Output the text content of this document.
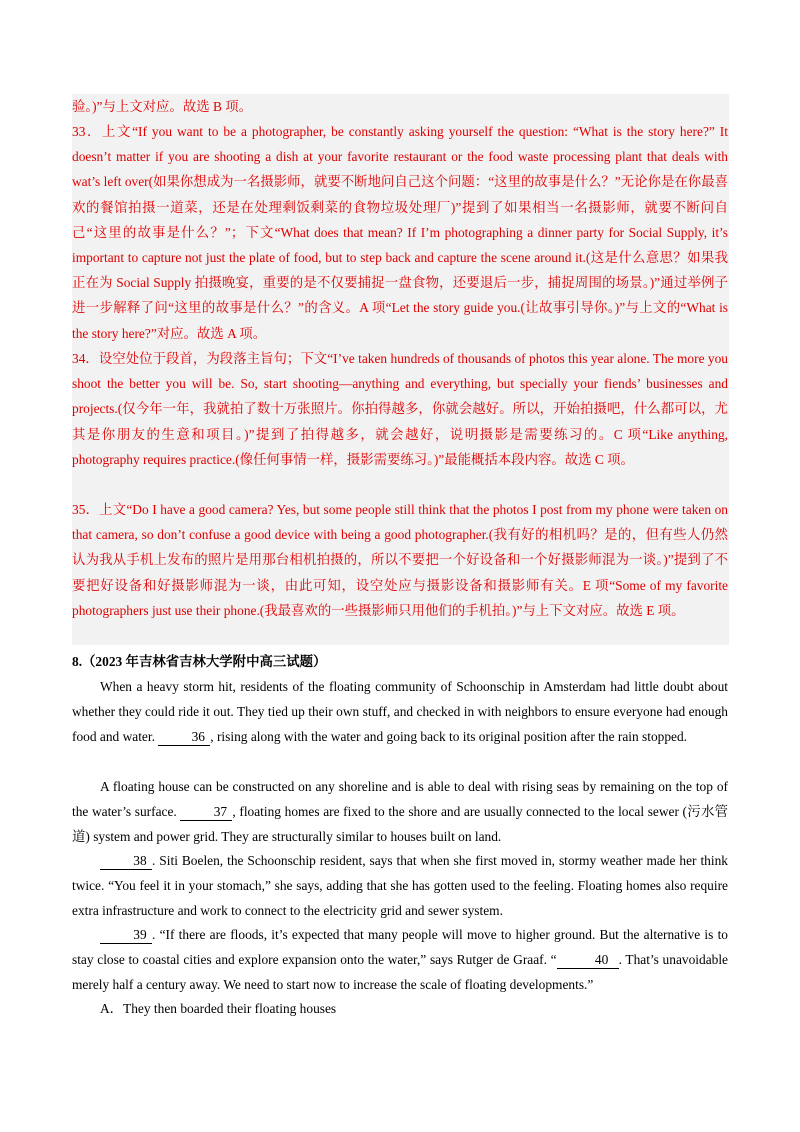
验。)”与上文对应。故选 B 项。
33．上文“If you want to be a photographer, be constantly asking yourself the question: “What is the story here?” It doesn’t matter if you are shooting a dish at your favorite restaurant or the food waste processing plant that deals with wat’s left over(如果你想成为一名摄影师，就要不断地问自己这个问题：“这里的故事是什么？”无论你是在你最喜欢的餐馆拍摄一道菜，还是在处理剩饭剩菜的食物垃圾处理厂)”提到了如果相当一名摄影师，就要不断问自己“这里的故事是什么？”；下文“What does that mean? If I’m photographing a dinner party for Social Supply, it’s important to capture not just the plate of food, but to step back and capture the scene around it.(这是什么意思？如果我正在为 Social Supply 拍摄晚宴，重要的是不仅要捕捉一盘食物，还要退后一步，捕捉周围的场景。)”通过举例子进一步解释了问“这里的故事是什么？”的含义。A 项“Let the story guide you.(让故事引导你。)”与上文的“What is the story here?”对应。故选 A 项。
34．设空处位于段首，为段落主旨句；下文“I’ve taken hundreds of thousands of photos this year alone. The more you shoot the better you will be. So, start shooting—anything and everything, but specially your fiends’ businesses and projects.(仅今年一年，我就拍了数十万张照片。你拍得越多，你就会越好。所以，开始拍摄吧，什么都可以，尤其是你朋友的生意和项目。)”提到了拍得越多，就会越好，说明摄影是需要练习的。C 项“Like anything, photography requires practice.(像任何事情一样，摄影需要练习。)”最能概括本段内容。故选 C 项。
35．上文“Do I have a good camera? Yes, but some people still think that the photos I post from my phone were taken on that camera, so don’t confuse a good device with being a good photographer.(我有好的相机吗？是的，但有些人仍然认为我从手机上发布的照片是用那台相机拍摄的，所以不要把一个好设备和一个好摄影师混为一谈。)”提到了不要把好设备和好摄影师混为一谈，由此可知，设空处应与摄影设备和摄影师有关。E 项“Some of my favorite photographers just use their phone.(我最喜欢的一些摄影师只用他们的手机拍。)”与上下文对应。故选 E 项。
8.（2023 年吉林省吉林大学附中高三试题）
When a heavy storm hit, residents of the floating community of Schoonschip in Amsterdam had little doubt about whether they could ride it out. They tied up their own stuff, and checked in with neighbors to ensure everyone had enough food and water. 36 , rising along with the water and going back to its original position after the rain stopped.
A floating house can be constructed on any shoreline and is able to deal with rising seas by remaining on the top of the water’s surface. 37 , floating homes are fixed to the shore and are usually connected to the local sewer (污水管道) system and power grid. They are structurally similar to houses built on land.
38 . Siti Boelen, the Schoonschip resident, says that when she first moved in, stormy weather made her think twice. “You feel it in your stomach,” she says, adding that she has gotten used to the feeling. Floating homes also require extra infrastructure and work to connect to the electricity grid and sewer system.
39 . “If there are floods, it’s expected that many people will move to higher ground. But the alternative is to stay close to coastal cities and explore expansion onto the water,” says Rutger de Graaf. “	40 . That’s unavoidable merely half a century away. We need to start now to increase the scale of floating developments.”
A．They then boarded their floating houses
